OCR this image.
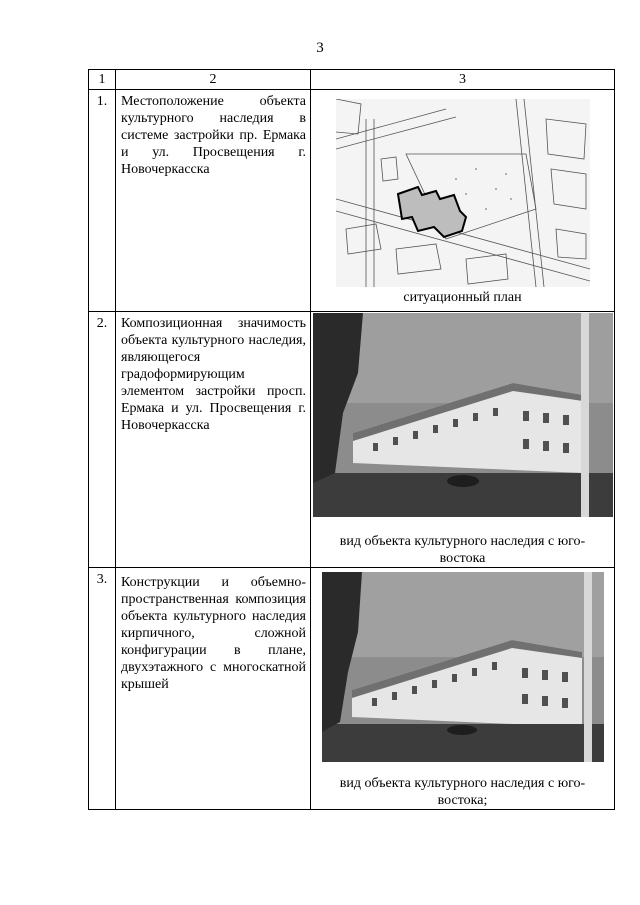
3
1	2	3
1.	Местоположение объекта культурного наследия в системе застройки пр. Ермака и ул. Просвещения г. Новочеркасска	ситуационный план

2.	Композиционная значимость объекта культурного наследия, являющегося градоформирующим элементом застройки просп. Ермака и ул. Просвещения г. Новочеркасска	вид объекта культурного наследия с юго-востока

3.	Конструкции и объемно-пространственная композиция объекта культурного наследия кирпичного, сложной конфигурации в плане, двухэтажного с многоскатной крышей	вид объекта культурного наследия с юго-востока;
